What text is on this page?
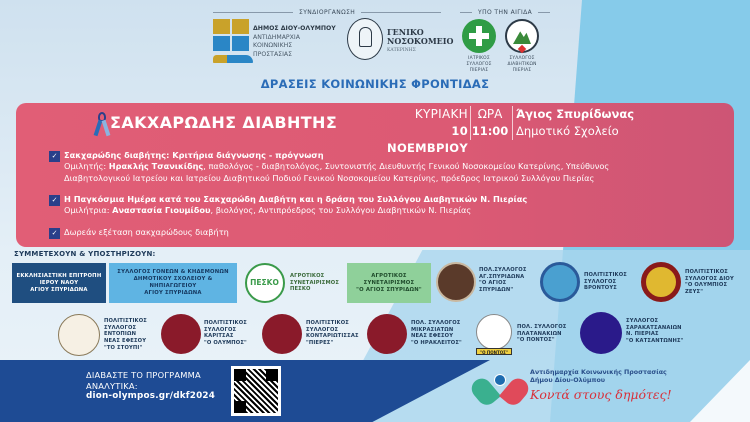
ΣΥΝΔΙΟΡΓΑΝΩΣΗ	ΥΠΟ ΤΗΝ ΑΙΓΙΔΑ
ΔΗΜΟΣ ΔΙΟΥ-ΟΛΥΜΠΟΥ
ΑΝΤΙΔΗΜΑΡΧΙΑ
ΚΟΙΝΩΝΙΚΗΣ
ΠΡΟΣΤΑΣΙΑΣ
ΓΕΝΙΚΟ
ΝΟΣΟΚΟΜΕΙΟ
ΚΑΤΕΡΙΝΗΣ
ΙΑΤΡΙΚΟΣ
ΣΥΛΛΟΓΟΣ
ΠΙΕΡΙΑΣ
ΣΥΛΛΟΓΟΣ
ΔΙΑΒΗΤΙΚΩΝ
ΠΙΕΡΙΑΣ
ΔΡΑΣΕΙΣ ΚΟΙΝΩΝΙΚΗΣ ΦΡΟΝΤΙΔΑΣ
ΣΑΚΧΑΡΩΔΗΣ ΔΙΑΒΗΤΗΣ	ΚΥΡΙΑΚΗ
10 ΝΟΕΜΒΡΙΟΥ
ΩΡΑ
11:00
Άγιος Σπυρίδωνας
Δημοτικό Σχολείο
✓ Σακχαρώδης διαβήτης: Κριτήρια διάγνωσης - πρόγνωση
Ομιλητής: Ηρακλής Τσανικίδης, παθολόγος - διαβητολόγος, Συντονιστής Διευθυντής Γενικού Νοσοκομείου Κατερίνης, Υπεύθυνος
Διαβητολογικού Ιατρείου και Ιατρείου Διαβητικού Ποδιού Γενικού Νοσοκομείου Κατερίνης, πρόεδρος Ιατρικού Συλλόγου Πιερίας
✓ Η Παγκόσμια Ημέρα κατά του Σακχαρώδη Διαβήτη και η δράση του Συλλόγου Διαβητικών Ν. Πιερίας
Ομιλήτρια: Αναστασία Γιουμίδου, βιολόγος, Αντιπρόεδρος του Συλλόγου Διαβητικών Ν. Πιερίας
✓ Δωρεάν εξέταση σακχαρώδους διαβήτη
ΣΥΜΜΕΤΕΧΟΥΝ & ΥΠΟΣΤΗΡΙΖΟΥΝ:
ΕΚΚΛΗΣΙΑΣΤΙΚΗ ΕΠΙΤΡΟΠΗ
ΙΕΡΟΥ ΝΑΟΥ
ΑΓΙΟΥ ΣΠΥΡΙΔΩΝΑ
ΣΥΛΛΟΓΟΣ ΓΟΝΕΩΝ & ΚΗΔΕΜΟΝΩΝ
ΔΗΜΟΤΙΚΟΥ ΣΧΟΛΕΙΟΥ &
ΝΗΠΙΑΓΩΓΕΙΟΥ
ΑΓΙΟΥ ΣΠΥΡΙΔΩΝΑ
ΠΕΣΚΟ
ΑΓΡΟΤΙΚΟΣ
ΣΥΝΕΤΑΙΡΙΣΜΟΣ
ΠΕΣΚΟ
ΑΓΡΟΤΙΚΟΣ
ΣΥΝΕΤΑΙΡΙΣΜΟΣ
"Ο ΑΓΙΟΣ ΣΠΥΡΙΔΩΝ"
ΠΟΛ.ΣΥΛΛΟΓΟΣ
ΑΓ.ΣΠΥΡΙΔΩΝΑ
"Ο ΑΓΙΟΣ
ΣΠΥΡΙΔΩΝ"
ΠΟΛΙΤΙΣΤΙΚΟΣ
ΣΥΛΛΟΓΟΣ
ΒΡΟΝΤΟΥΣ
ΠΟΛΙΤΙΣΤΙΚΟΣ
ΣΥΛΛΟΓΟΣ ΔΙΟΥ
"Ο ΟΛΥΜΠΙΟΣ
ΖΕΥΣ"
ΠΟΛΙΤΙΣΤΙΚΟΣ
ΣΥΛΛΟΓΟΣ
ΕΝΤΟΠΙΩΝ
ΝΕΑΣ ΕΦΕΣΟΥ
"ΤΟ ΣΤΟΥΠΙ"
ΠΟΛΙΤΙΣΤΙΚΟΣ
ΣΥΛΛΟΓΟΣ
ΚΑΡΙΤΣΑΣ
"Ο ΟΛΥΜΠΟΣ"
ΠΟΛΙΤΙΣΤΙΚΟΣ
ΣΥΛΛΟΓΟΣ
ΚΟΝΤΑΡΙΩΤΙΣΣΑΣ
"ΠΙΕΡΕΣ"
ΠΟΛ. ΣΥΛΛΟΓΟΣ
ΜΙΚΡΑΣΙΑΤΩΝ
ΝΕΑΣ ΕΦΕΣΟΥ
"Ο ΗΡΑΚΛΕΙΤΟΣ"
"Ο ΠΟΝΤΟΣ"
ΠΟΛ. ΣΥΛΛΟΓΟΣ
ΠΛΑΤΑΝΑΚΙΩΝ
"Ο ΠΟΝΤΟΣ"
ΣΥΛΛΟΓΟΣ
ΣΑΡΑΚΑΤΣΑΝΑΙΩΝ
Ν. ΠΙΕΡΙΑΣ
"Ο ΚΑΤΣΑΝΤΩΝΗΣ"
ΔΙΑΒΑΣΤΕ ΤΟ ΠΡΟΓΡΑΜΜΑ
ΑΝΑΛΥΤΙΚΑ:
dion-olympos.gr/dkf2024
Αντιδημαρχία Κοινωνικής Προστασίας
Δήμου Δίου-Ολύμπου
Κοντά στους δημότες!
